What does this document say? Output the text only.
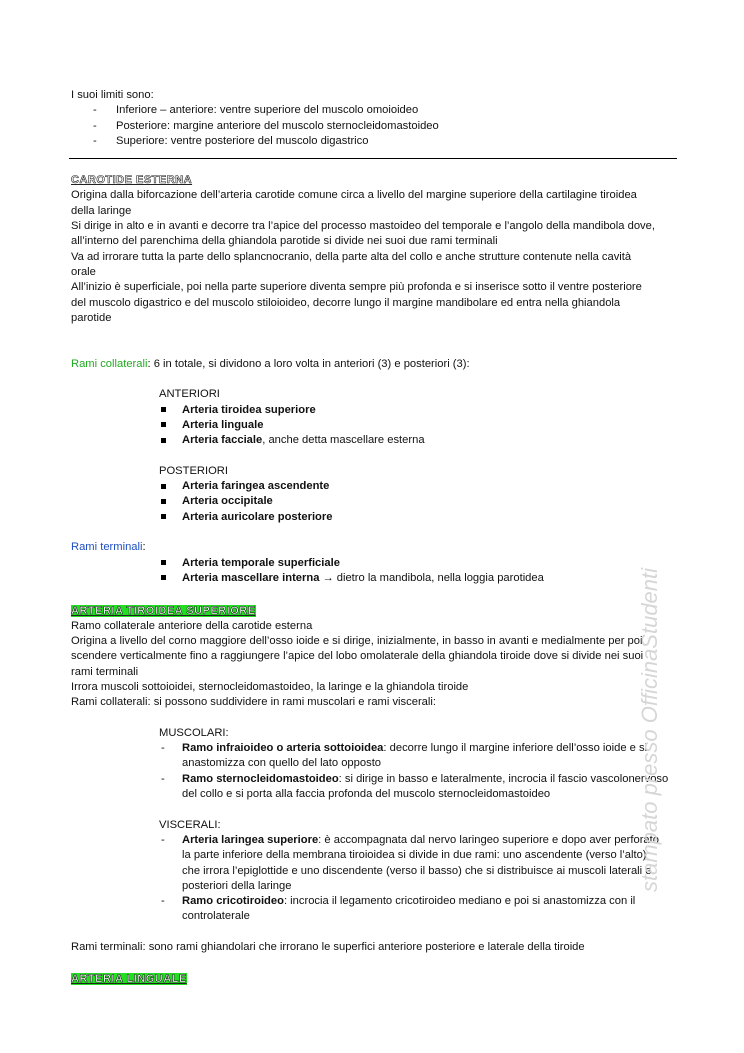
I suoi limiti sono:
- Inferiore – anteriore: ventre superiore del muscolo omoioideo
- Posteriore: margine anteriore del muscolo sternocleidomastoideo
- Superiore: ventre posteriore del muscolo digastrico
CAROTIDE ESTERNA
Origina dalla biforcazione dell’arteria carotide comune circa a livello del margine superiore della cartilagine tiroidea
della laringe
Si dirige in alto e in avanti e decorre tra l’apice del processo mastoideo del temporale e l’angolo della mandibola dove,
all’interno del parenchima della ghiandola parotide si divide nei suoi due rami terminali
Va ad irrorare tutta la parte dello splancnocranio, della parte alta del collo e anche strutture contenute nella cavità
orale
All’inizio è superficiale, poi nella parte superiore diventa sempre più profonda e si inserisce sotto il ventre posteriore
del muscolo digastrico e del muscolo stiloioideo, decorre lungo il margine mandibolare ed entra nella ghiandola
parotide
Rami collaterali: 6 in totale, si dividono a loro volta in anteriori (3) e posteriori (3):
ANTERIORI
Arteria tiroidea superiore
Arteria linguale
Arteria facciale, anche detta mascellare esterna
POSTERIORI
Arteria faringea ascendente
Arteria occipitale
Arteria auricolare posteriore
Rami terminali:
Arteria temporale superficiale
Arteria mascellare interna → dietro la mandibola, nella loggia parotidea
ARTERIA TIROIDEA SUPERIORE
Ramo collaterale anteriore della carotide esterna
Origina a livello del corno maggiore dell’osso ioide e si dirige, inizialmente, in basso in avanti e medialmente per poi
scendere verticalmente fino a raggiungere l’apice del lobo omolaterale della ghiandola tiroide dove si divide nei suoi
rami terminali
Irrora muscoli sottoioidei, sternocleidomastoideo, la laringe e la ghiandola tiroide
Rami collaterali: si possono suddividere in rami muscolari e rami viscerali:
MUSCOLARI:
- Ramo infraioideo o arteria sottoioidea: decorre lungo il margine inferiore dell’osso ioide e si
anastomizza con quello del lato opposto
- Ramo sternocleidomastoideo: si dirige in basso e lateralmente, incrocia il fascio vascolonervoso
del collo e si porta alla faccia profonda del muscolo sternocleidomastoideo
VISCERALI:
- Arteria laringea superiore: è accompagnata dal nervo laringeo superiore e dopo aver perforato
la parte inferiore della membrana tiroioidea si divide in due rami: uno ascendente (verso l’alto)
che irrora l’epiglottide e uno discendente (verso il basso) che si distribuisce ai muscoli laterali e
posteriori della laringe
- Ramo cricotiroideo: incrocia il legamento cricotiroideo mediano e poi si anastomizza con il
controlaterale
Rami terminali: sono rami ghiandolari che irrorano le superfici anteriore posteriore e laterale della tiroide
ARTERIA LINGUALE
stampato presso OfficinaStudenti
